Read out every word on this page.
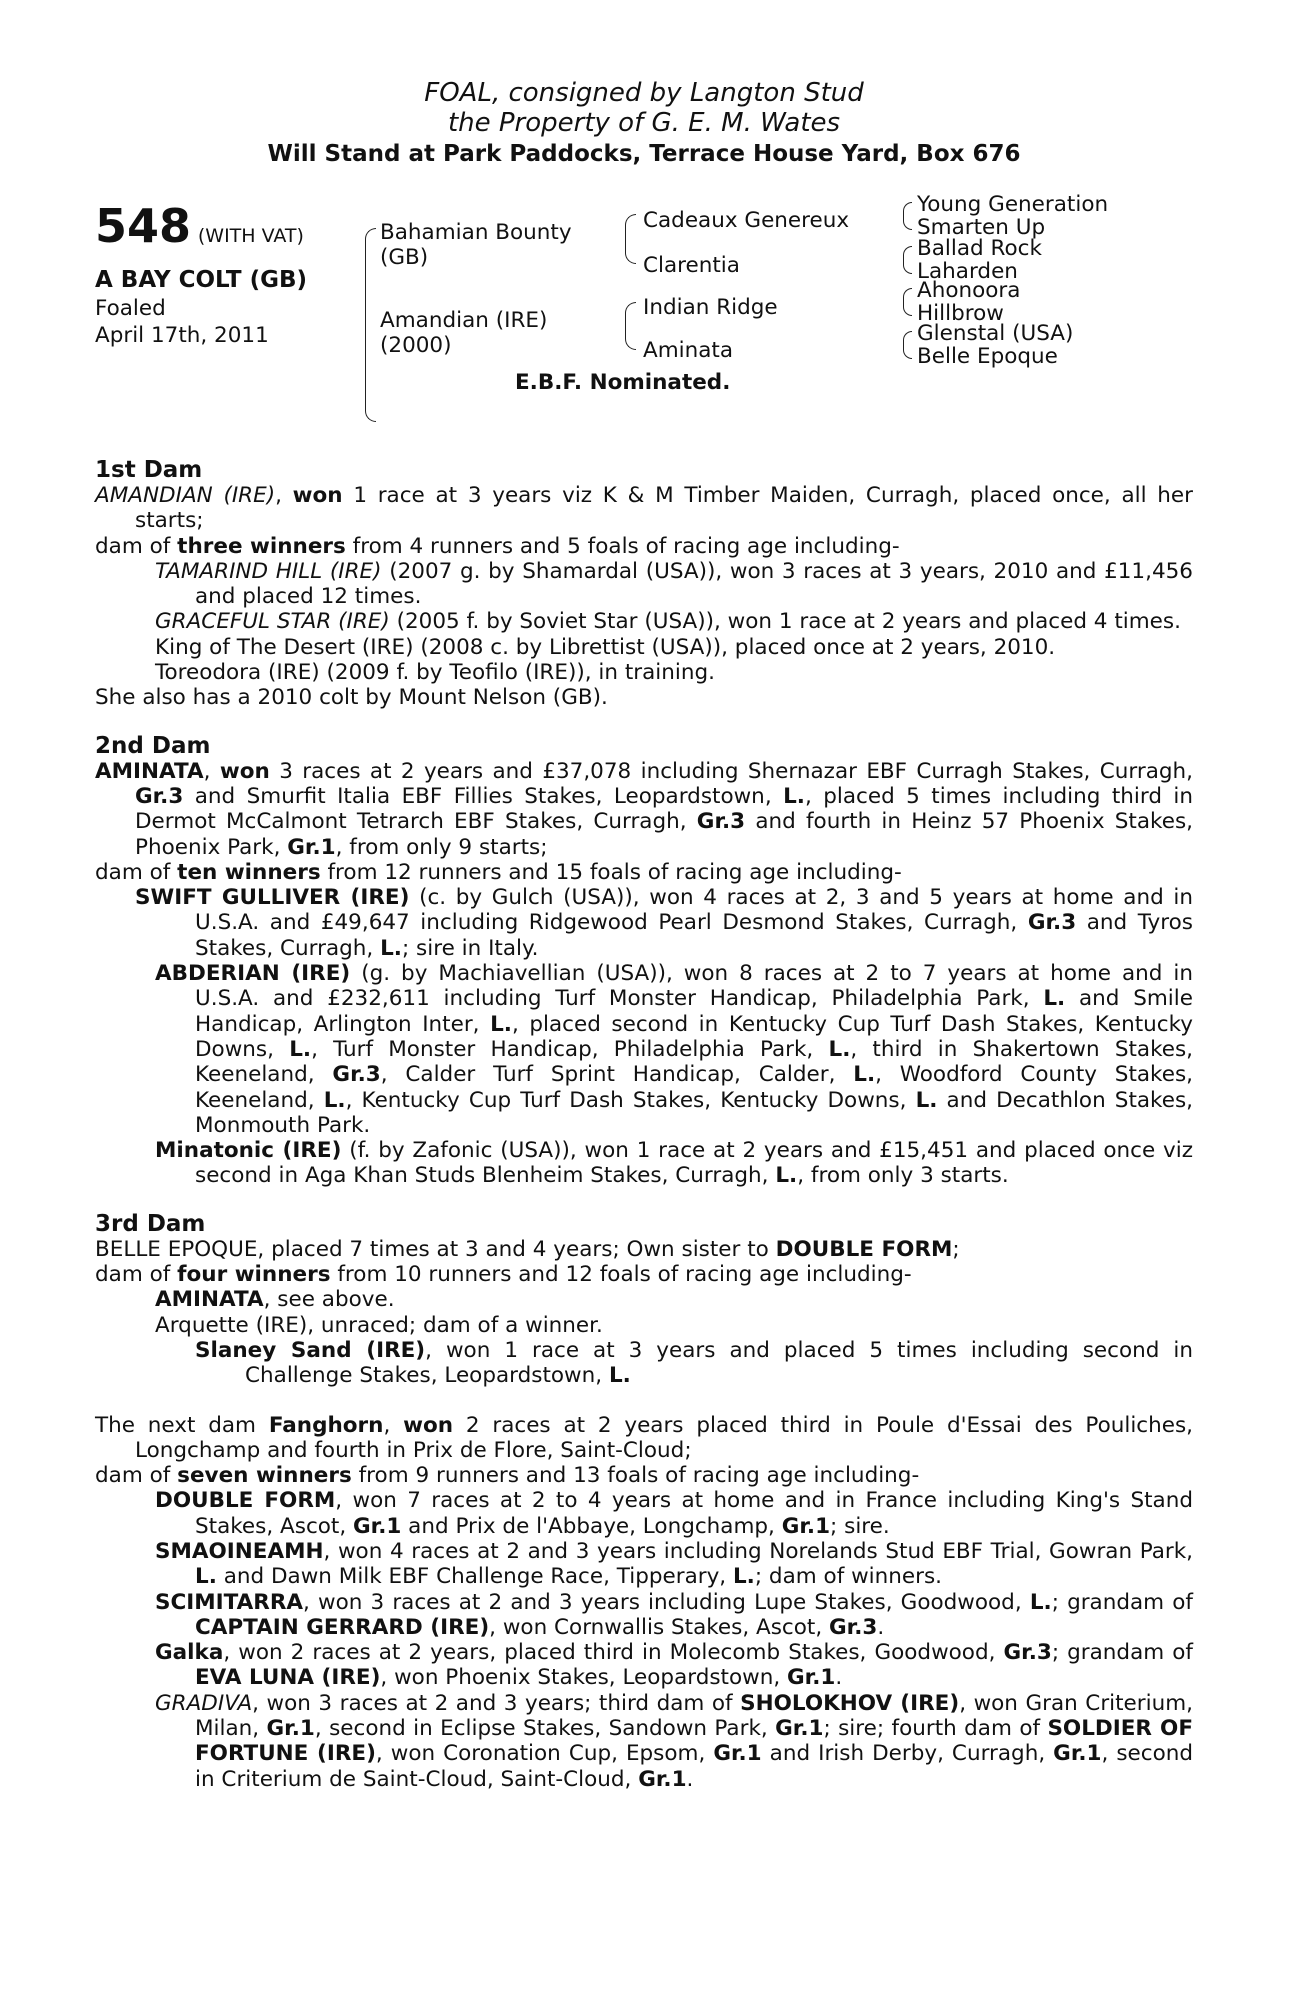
FOAL, consigned by Langton Stud
the Property of G. E. M. Wates
Will Stand at Park Paddocks, Terrace House Yard, Box 676
548 (WITH VAT)
A BAY COLT (GB)
Foaled
April 17th, 2011
Bahamian Bounty
(GB)
Amandian (IRE)
(2000)
Cadeaux Genereux
Clarentia
Indian Ridge
Aminata
Young Generation
Smarten Up
Ballad Rock
Laharden
Ahonoora
Hillbrow
Glenstal (USA)
Belle Epoque
E.B.F. Nominated.
1st Dam
AMANDIAN (IRE), won 1 race at 3 years viz K & M Timber Maiden, Curragh, placed once, all her starts;
dam of three winners from 4 runners and 5 foals of racing age including-
TAMARIND HILL (IRE) (2007 g. by Shamardal (USA)), won 3 races at 3 years, 2010 and £11,456 and placed 12 times.
GRACEFUL STAR (IRE) (2005 f. by Soviet Star (USA)), won 1 race at 2 years and placed 4 times.
King of The Desert (IRE) (2008 c. by Librettist (USA)), placed once at 2 years, 2010.
Toreodora (IRE) (2009 f. by Teofilo (IRE)), in training.
She also has a 2010 colt by Mount Nelson (GB).
2nd Dam
AMINATA, won 3 races at 2 years and £37,078 including Shernazar EBF Curragh Stakes, Curragh, Gr.3 and Smurfit Italia EBF Fillies Stakes, Leopardstown, L., placed 5 times including third in Dermot McCalmont Tetrarch EBF Stakes, Curragh, Gr.3 and fourth in Heinz 57 Phoenix Stakes, Phoenix Park, Gr.1, from only 9 starts;
dam of ten winners from 12 runners and 15 foals of racing age including-
SWIFT GULLIVER (IRE) (c. by Gulch (USA)), won 4 races at 2, 3 and 5 years at home and in U.S.A. and £49,647 including Ridgewood Pearl Desmond Stakes, Curragh, Gr.3 and Tyros Stakes, Curragh, L.; sire in Italy.
ABDERIAN (IRE) (g. by Machiavellian (USA)), won 8 races at 2 to 7 years at home and in U.S.A. and £232,611 including Turf Monster Handicap, Philadelphia Park, L. and Smile Handicap, Arlington Inter, L., placed second in Kentucky Cup Turf Dash Stakes, Kentucky Downs, L., Turf Monster Handicap, Philadelphia Park, L., third in Shakertown Stakes, Keeneland, Gr.3, Calder Turf Sprint Handicap, Calder, L., Woodford County Stakes, Keeneland, L., Kentucky Cup Turf Dash Stakes, Kentucky Downs, L. and Decathlon Stakes, Monmouth Park.
Minatonic (IRE) (f. by Zafonic (USA)), won 1 race at 2 years and £15,451 and placed once viz second in Aga Khan Studs Blenheim Stakes, Curragh, L., from only 3 starts.
3rd Dam
BELLE EPOQUE, placed 7 times at 3 and 4 years; Own sister to DOUBLE FORM;
dam of four winners from 10 runners and 12 foals of racing age including-
AMINATA, see above.
Arquette (IRE), unraced; dam of a winner.
Slaney Sand (IRE), won 1 race at 3 years and placed 5 times including second in Challenge Stakes, Leopardstown, L.
The next dam Fanghorn, won 2 races at 2 years placed third in Poule d'Essai des Pouliches, Longchamp and fourth in Prix de Flore, Saint-Cloud;
dam of seven winners from 9 runners and 13 foals of racing age including-
DOUBLE FORM, won 7 races at 2 to 4 years at home and in France including King's Stand Stakes, Ascot, Gr.1 and Prix de l'Abbaye, Longchamp, Gr.1; sire.
SMAOINEAMH, won 4 races at 2 and 3 years including Norelands Stud EBF Trial, Gowran Park, L. and Dawn Milk EBF Challenge Race, Tipperary, L.; dam of winners.
SCIMITARRA, won 3 races at 2 and 3 years including Lupe Stakes, Goodwood, L.; grandam of CAPTAIN GERRARD (IRE), won Cornwallis Stakes, Ascot, Gr.3.
Galka, won 2 races at 2 years, placed third in Molecomb Stakes, Goodwood, Gr.3; grandam of EVA LUNA (IRE), won Phoenix Stakes, Leopardstown, Gr.1.
GRADIVA, won 3 races at 2 and 3 years; third dam of SHOLOKHOV (IRE), won Gran Criterium, Milan, Gr.1, second in Eclipse Stakes, Sandown Park, Gr.1; sire; fourth dam of SOLDIER OF FORTUNE (IRE), won Coronation Cup, Epsom, Gr.1 and Irish Derby, Curragh, Gr.1, second in Criterium de Saint-Cloud, Saint-Cloud, Gr.1.
